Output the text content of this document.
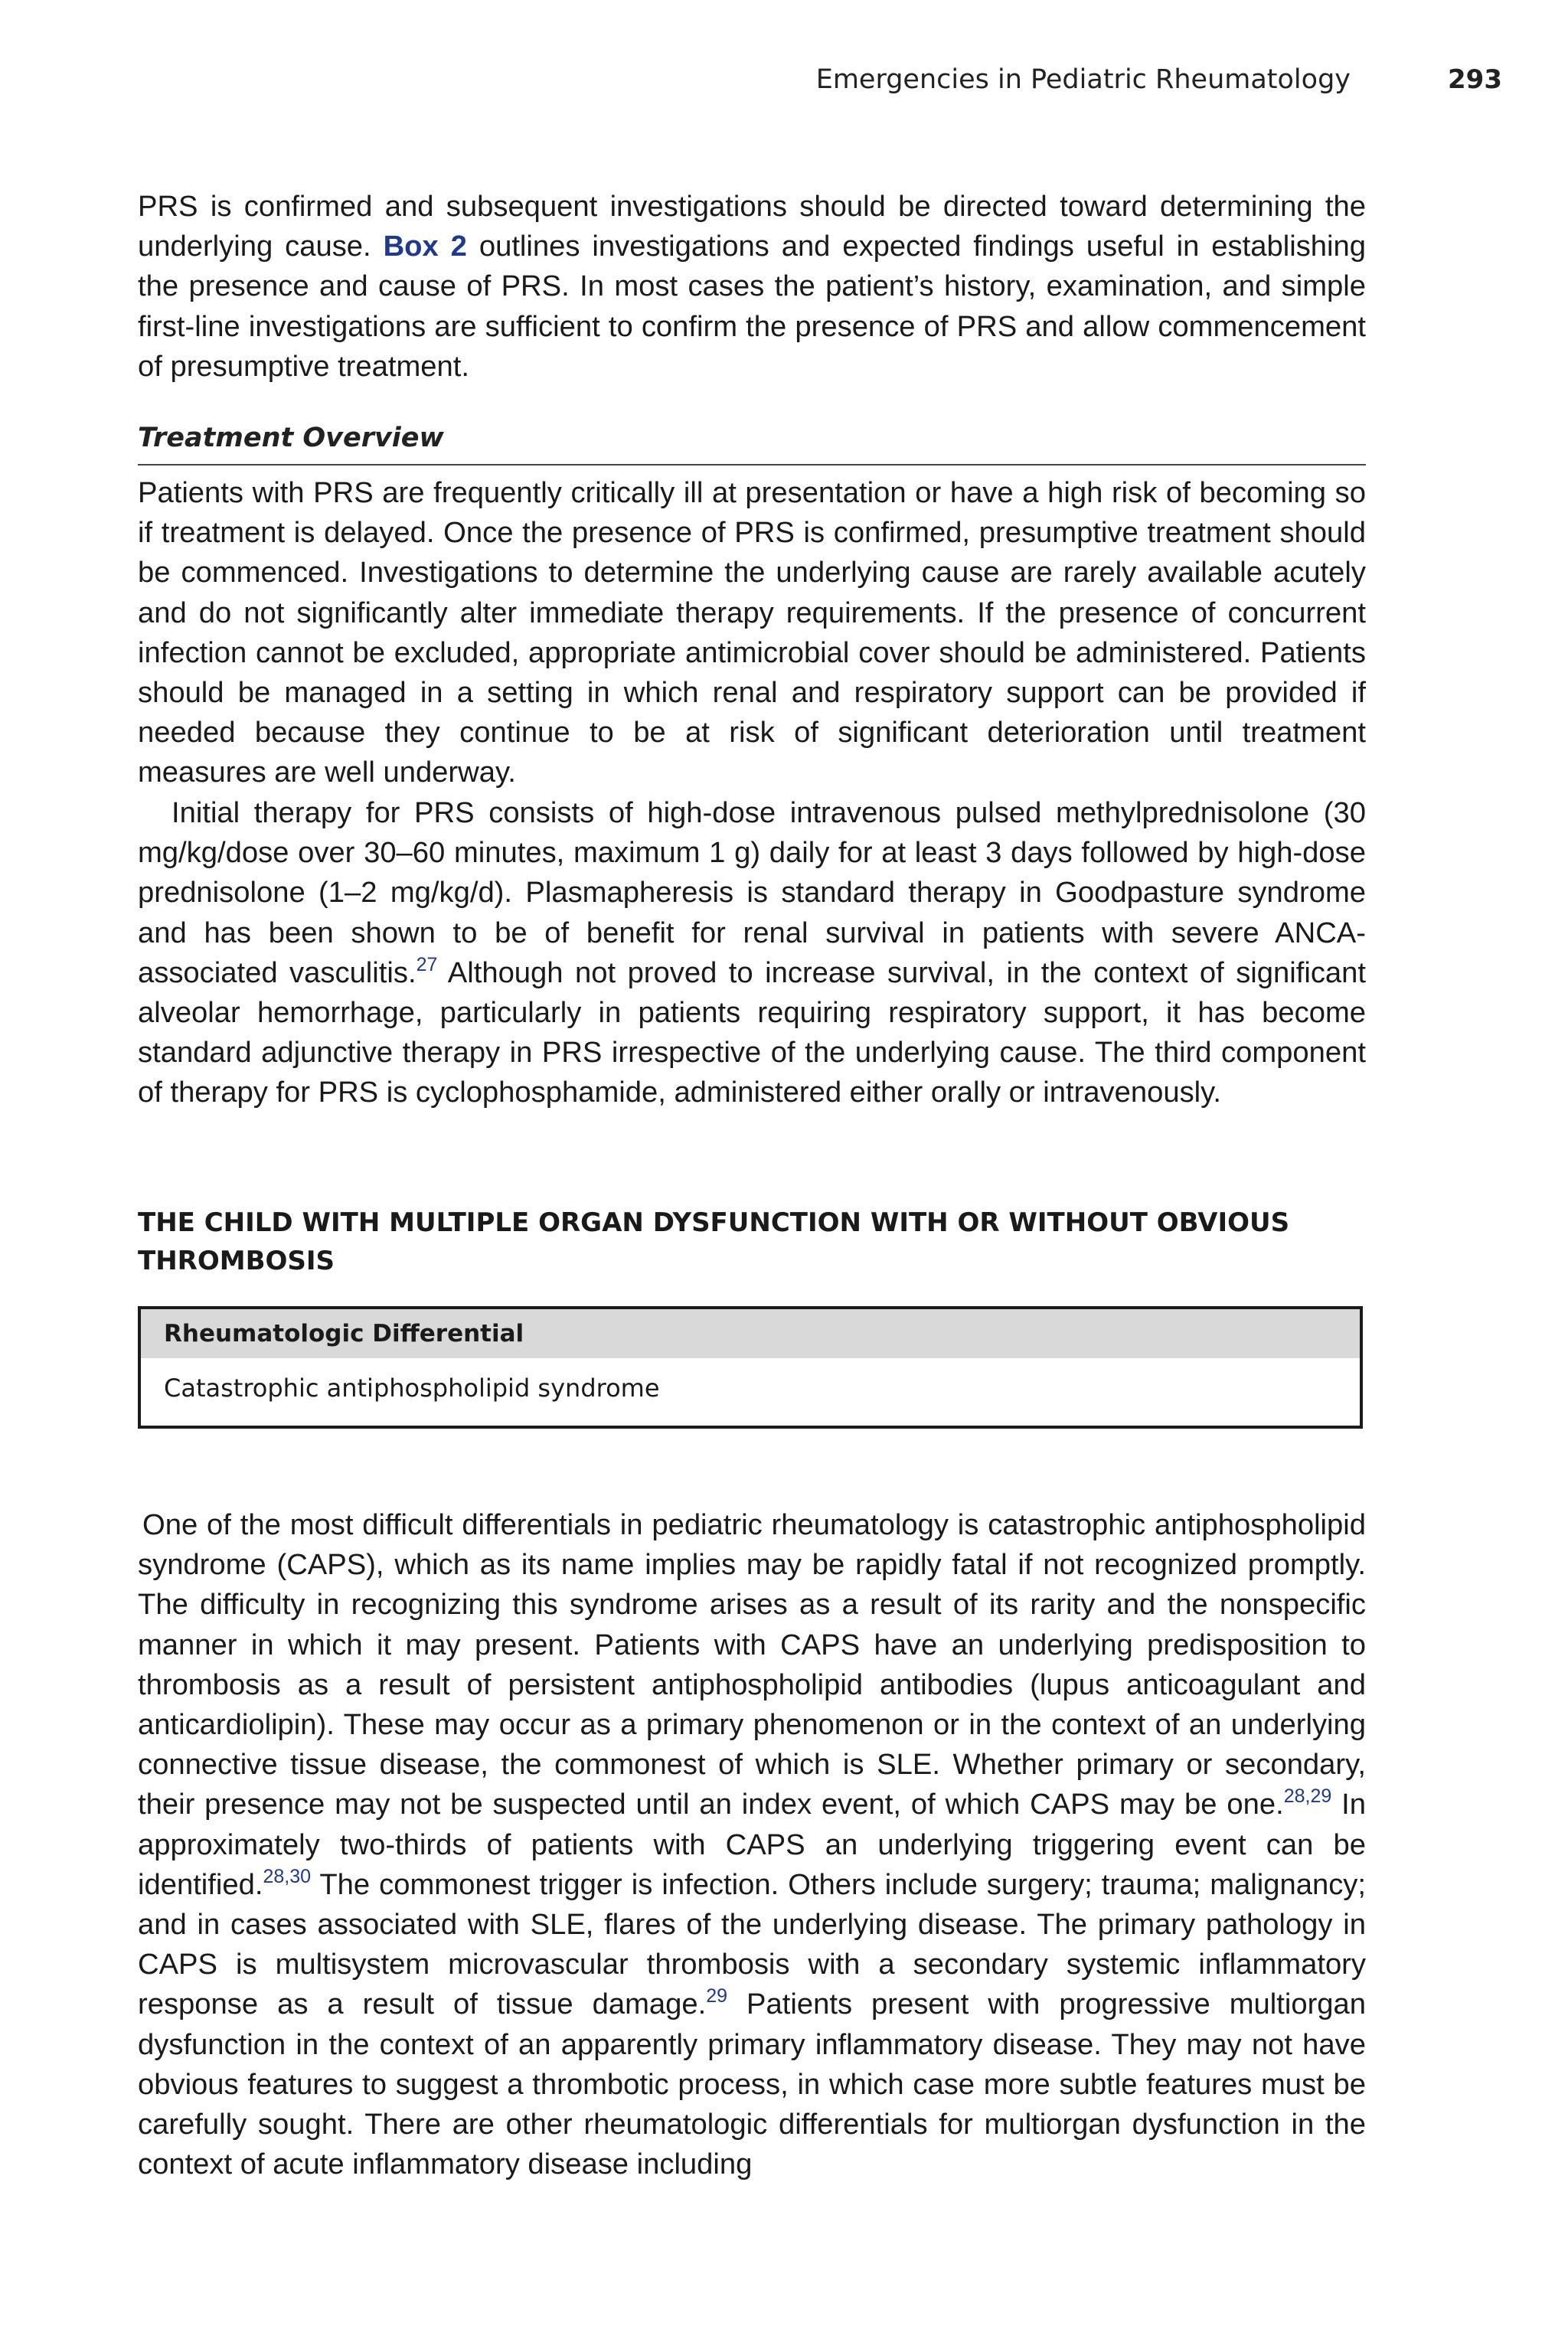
Emergencies in Pediatric Rheumatology	293

PRS is confirmed and subsequent investigations should be directed toward determining the underlying cause. Box 2 outlines investigations and expected findings useful in establishing the presence and cause of PRS. In most cases the patient’s history, examination, and simple first-line investigations are sufficient to confirm the presence of PRS and allow commencement of presumptive treatment.

Treatment Overview

Patients with PRS are frequently critically ill at presentation or have a high risk of becoming so if treatment is delayed. Once the presence of PRS is confirmed, presumptive treatment should be commenced. Investigations to determine the underlying cause are rarely available acutely and do not significantly alter immediate therapy requirements. If the presence of concurrent infection cannot be excluded, appropriate antimicrobial cover should be administered. Patients should be managed in a setting in which renal and respiratory support can be provided if needed because they continue to be at risk of significant deterioration until treatment measures are well underway.

Initial therapy for PRS consists of high-dose intravenous pulsed methylprednisolone (30 mg/kg/dose over 30–60 minutes, maximum 1 g) daily for at least 3 days followed by high-dose prednisolone (1–2 mg/kg/d). Plasmapheresis is standard therapy in Goodpasture syndrome and has been shown to be of benefit for renal survival in patients with severe ANCA-associated vasculitis.$^{27}$ Although not proved to increase survival, in the context of significant alveolar hemorrhage, particularly in patients requiring respiratory support, it has become standard adjunctive therapy in PRS irrespective of the underlying cause. The third component of therapy for PRS is cyclophosphamide, administered either orally or intravenously.

THE CHILD WITH MULTIPLE ORGAN DYSFUNCTION WITH OR WITHOUT OBVIOUS THROMBOSIS
Rheumatologic Differential
Catastrophic antiphospholipid syndrome

One of the most difficult differentials in pediatric rheumatology is catastrophic antiphospholipid syndrome (CAPS), which as its name implies may be rapidly fatal if not recognized promptly. The difficulty in recognizing this syndrome arises as a result of its rarity and the nonspecific manner in which it may present. Patients with CAPS have an underlying predisposition to thrombosis as a result of persistent antiphospholipid antibodies (lupus anticoagulant and anticardiolipin). These may occur as a primary phenomenon or in the context of an underlying connective tissue disease, the commonest of which is SLE. Whether primary or secondary, their presence may not be suspected until an index event, of which CAPS may be one.$^{28,29}$ In approximately two-thirds of patients with CAPS an underlying triggering event can be identified.$^{28,30}$ The commonest trigger is infection. Others include surgery; trauma; malignancy; and in cases associated with SLE, flares of the underlying disease. The primary pathology in CAPS is multisystem microvascular thrombosis with a secondary systemic inflammatory response as a result of tissue damage.$^{29}$ Patients present with progressive multiorgan dysfunction in the context of an apparently primary inflammatory disease. They may not have obvious features to suggest a thrombotic process, in which case more subtle features must be carefully sought. There are other rheumatologic differentials for multiorgan dysfunction in the context of acute inflammatory disease including
